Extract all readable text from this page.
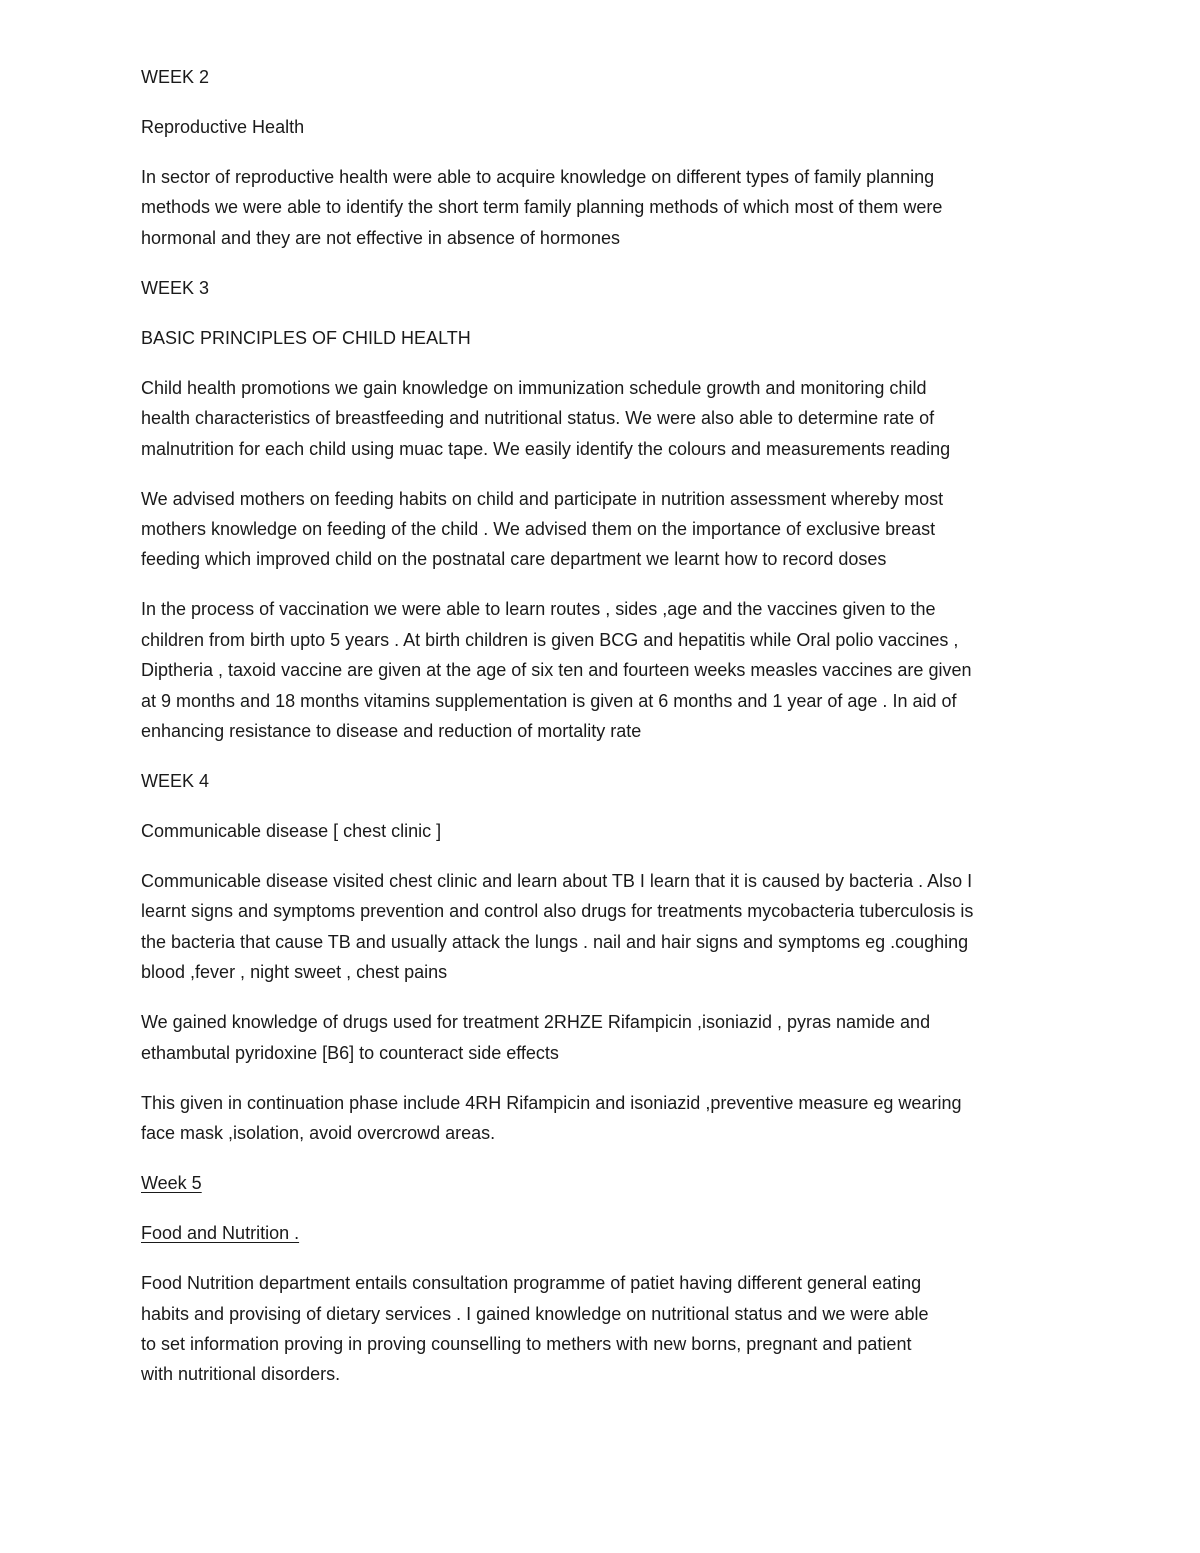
WEEK 2
Reproductive Health
In sector of reproductive health were able to acquire knowledge on different types of family planning
methods we were able to identify the short term family planning methods of which most of them were
hormonal and they are not effective in absence of hormones
WEEK 3
BASIC PRINCIPLES OF CHILD HEALTH
Child health promotions we gain knowledge on immunization schedule growth and monitoring child
health characteristics of breastfeeding and nutritional status. We were also able to determine rate of
malnutrition for each child using muac tape. We easily identify the colours and measurements reading
We advised mothers on feeding habits on child and participate in nutrition assessment whereby most
mothers knowledge on feeding of the child . We advised them on the importance of exclusive breast
feeding which improved child on the postnatal care department we learnt how to record doses
In the process of vaccination we were able to learn routes , sides ,age and the vaccines given to the
children from birth upto 5 years . At birth children is given BCG and hepatitis while Oral polio vaccines ,
Diptheria , taxoid vaccine are given at the age of six ten and fourteen weeks measles vaccines are given
at 9 months and 18 months vitamins supplementation is given at 6 months and 1 year of age . In aid of
enhancing resistance to disease and reduction of mortality rate
WEEK 4
Communicable disease [ chest clinic ]
Communicable disease visited chest clinic and learn about TB I learn that it is caused by bacteria . Also I
learnt signs and symptoms prevention and control also drugs for treatments mycobacteria tuberculosis is
the bacteria that cause TB and usually attack the lungs . nail and hair signs and symptoms eg .coughing
blood ,fever , night sweet , chest pains
We gained knowledge of drugs used for treatment 2RHZE Rifampicin ,isoniazid , pyras namide and
ethambutal pyridoxine [B6] to counteract side effects
This given in continuation phase include 4RH Rifampicin and isoniazid ,preventive measure eg wearing
face mask ,isolation, avoid overcrowd areas.
Week 5
Food and Nutrition .
Food Nutrition department entails consultation programme of patiet having different general eating
habits and provising of dietary services . I gained knowledge on nutritional status and we were able
to set information proving in proving counselling to methers with new borns, pregnant and patient
with nutritional disorders.
